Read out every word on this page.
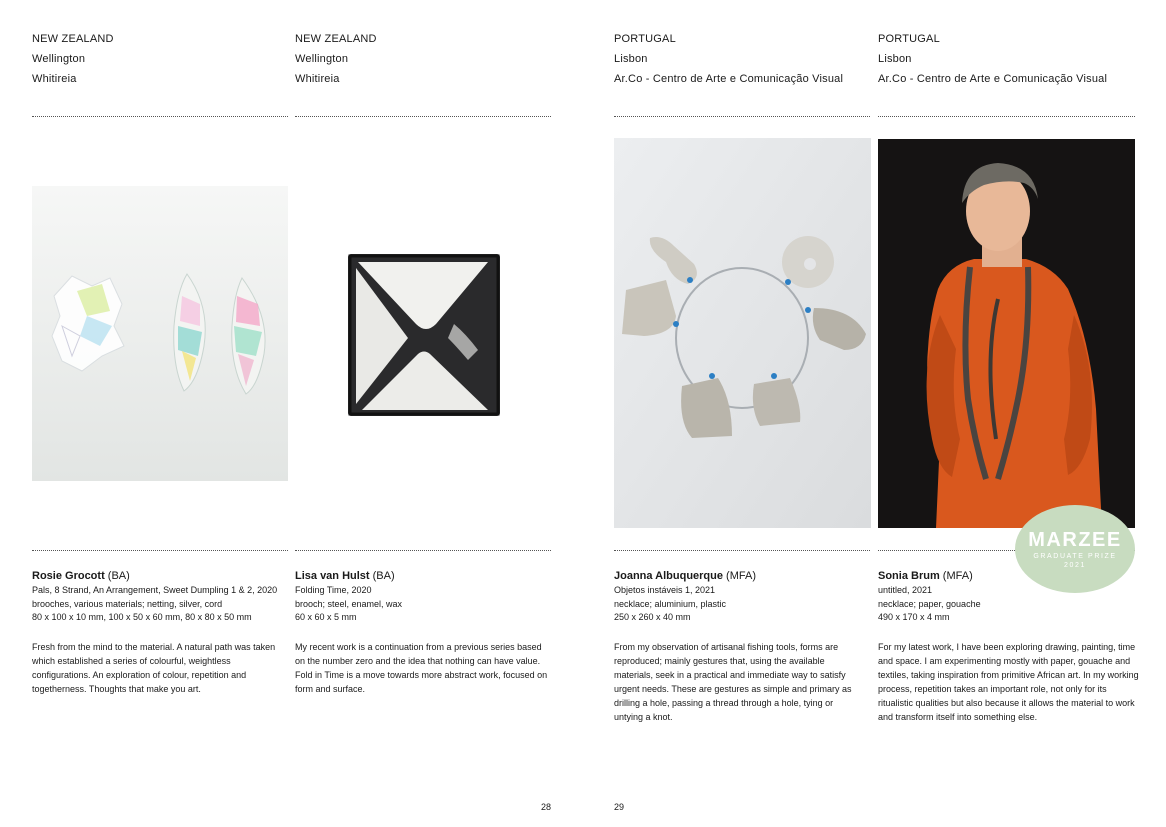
NEW ZEALAND
Wellington
Whitireia
Rosie Grocott (BA)
Pals, 8 Strand, An Arrangement, Sweet Dumpling 1 & 2, 2020
brooches, various materials; netting, silver, cord
80 x 100 x 10 mm, 100 x 50 x 60 mm, 80 x 80 x 50 mm
Fresh from the mind to the material. A natural path was taken which established a series of colourful, weightless configurations. An exploration of colour, repetition and togetherness. Thoughts that make you art.
NEW ZEALAND
Wellington
Whitireia
Lisa van Hulst (BA)
Folding Time, 2020
brooch; steel, enamel, wax
60 x 60 x 5 mm
My recent work is a continuation from a previous series based on the number zero and the idea that nothing can have value. Fold in Time is a move towards more abstract work, focused on form and surface.
PORTUGAL
Lisbon
Ar.Co - Centro de Arte e Comunicação Visual
Joanna Albuquerque (MFA)
Objetos instáveis 1, 2021
necklace; aluminium, plastic
250 x 260 x 40 mm
From my observation of artisanal fishing tools, forms are reproduced; mainly gestures that, using the available materials, seek in a practical and immediate way to satisfy urgent needs. These are gestures as simple and primary as drilling a hole, passing a thread through a hole, tying or untying a knot.
PORTUGAL
Lisbon
Ar.Co - Centro de Arte e Comunicação Visual
Sonia Brum (MFA)
untitled, 2021
necklace; paper, gouache
490 x 170 x 4 mm
For my latest work, I have been exploring drawing, painting, time and space. I am experimenting mostly with paper, gouache and textiles, taking inspiration from primitive African art. In my working process, repetition takes an important role, not only for its ritualistic qualities but also because it allows the material to work and transform itself into something else.
MARZEE
GRADUATE PRIZE
2021
28	29
